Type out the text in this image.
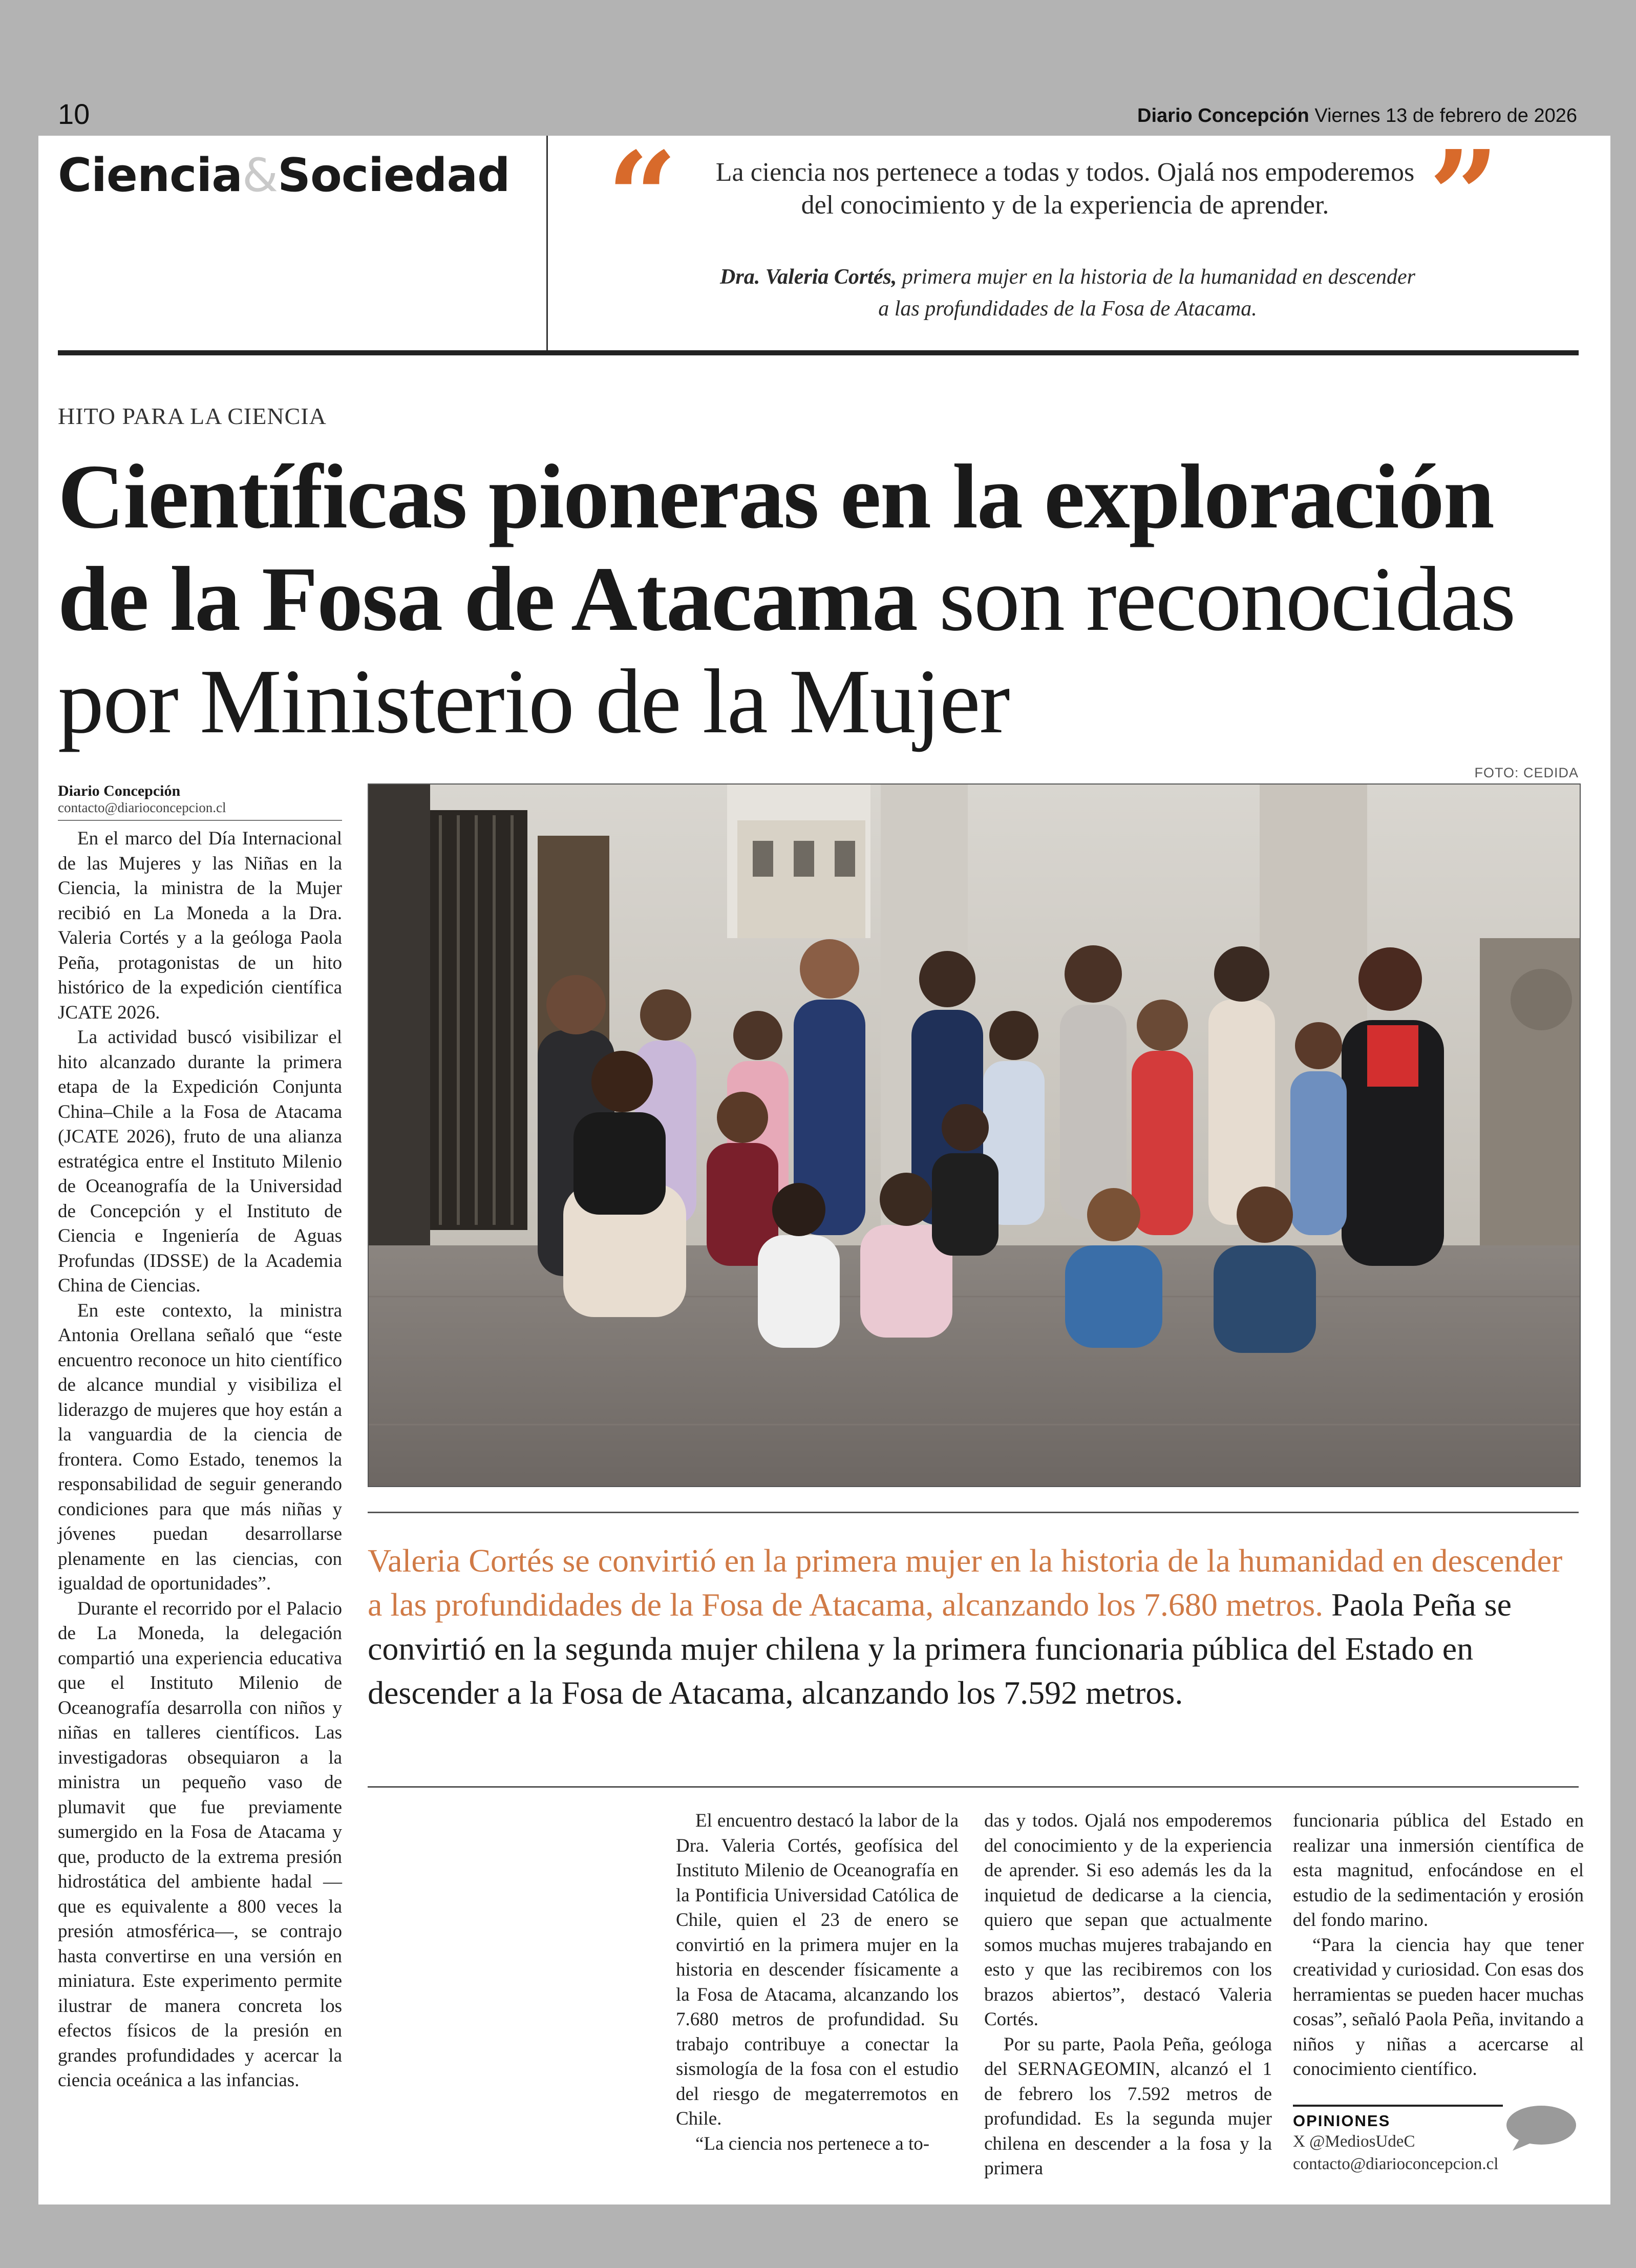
10	Diario Concepción Viernes 13 de febrero de 2026
Ciencia&Sociedad “	La ciencia nos pertenece a todas y todos. Ojalá nos empoderemos del conocimiento y de la experiencia de aprender. ”
Dra. Valeria Cortés, primera mujer en la historia de la humanidad en descender a las profundidades de la Fosa de Atacama.
HITO PARA LA CIENCIA
Científicas pioneras en la exploración de la Fosa de Atacama son reconocidas por Ministerio de la Mujer
FOTO: CEDIDA
Diario Concepción
contacto@diarioconcepcion.cl

En el marco del Día Internacional de las Mujeres y las Niñas en la Ciencia, la ministra de la Mujer recibió en La Moneda a la Dra. Valeria Cortés y a la geóloga Paola Peña, protagonistas de un hito histórico de la expedición científica JCATE 2026.

La actividad buscó visibilizar el hito alcanzado durante la primera etapa de la Expedición Conjunta China–Chile a la Fosa de Atacama (JCATE 2026), fruto de una alianza estratégica entre el Instituto Milenio de Oceanografía de la Universidad de Concepción y el Instituto de Ciencia e Ingeniería de Aguas Profundas (IDSSE) de la Academia China de Ciencias.

En este contexto, la ministra Antonia Orellana señaló que “este encuentro reconoce un hito científico de alcance mundial y visibiliza el liderazgo de mujeres que hoy están a la vanguardia de la ciencia de frontera. Como Estado, tenemos la responsabilidad de seguir generando condiciones para que más niñas y jóvenes puedan desarrollarse plenamente en las ciencias, con igualdad de oportunidades”.

Durante el recorrido por el Palacio de La Moneda, la delegación compartió una experiencia educativa que el Instituto Milenio de Oceanografía desarrolla con niños y niñas en talleres científicos. Las investigadoras obsequiaron a la ministra un pequeño vaso de plumavit que fue previamente sumergido en la Fosa de Atacama y que, producto de la extrema presión hidrostática del ambiente hadal —que es equivalente a 800 veces la presión atmosférica—, se contrajo hasta convertirse en una versión en miniatura. Este experimento permite ilustrar de manera concreta los efectos físicos de la presión en grandes profundidades y acercar la ciencia oceánica a las infancias.

Valeria Cortés se convirtió en la primera mujer en la historia de la humanidad en descender a las profundidades de la Fosa de Atacama, alcanzando los 7.680 metros. Paola Peña se convirtió en la segunda mujer chilena y la primera funcionaria pública del Estado en descender a la Fosa de Atacama, alcanzando los 7.592 metros.

El encuentro destacó la labor de la Dra. Valeria Cortés, geofísica del Instituto Milenio de Oceanografía en la Pontificia Universidad Católica de Chile, quien el 23 de enero se convirtió en la primera mujer en la historia en descender físicamente a la Fosa de Atacama, alcanzando los 7.680 metros de profundidad. Su trabajo contribuye a conectar la sismología de la fosa con el estudio del riesgo de megaterremotos en Chile.

“La ciencia nos pertenece a to-

das y todos. Ojalá nos empoderemos del conocimiento y de la experiencia de aprender. Si eso además les da la inquietud de dedicarse a la ciencia, quiero que sepan que actualmente somos muchas mujeres trabajando en esto y que las recibiremos con los brazos abiertos”, destacó Valeria Cortés.

Por su parte, Paola Peña, geóloga del SERNAGEOMIN, alcanzó el 1 de febrero los 7.592 metros de profundidad. Es la segunda mujer chilena en descender a la fosa y la primera

funcionaria pública del Estado en realizar una inmersión científica de esta magnitud, enfocándose en el estudio de la sedimentación y erosión del fondo marino.

“Para la ciencia hay que tener creatividad y curiosidad. Con esas dos herramientas se pueden hacer muchas cosas”, señaló Paola Peña, invitando a niños y niñas a acercarse al conocimiento científico.

OPINIONES
X @MediosUdeC
contacto@diarioconcepcion.cl
